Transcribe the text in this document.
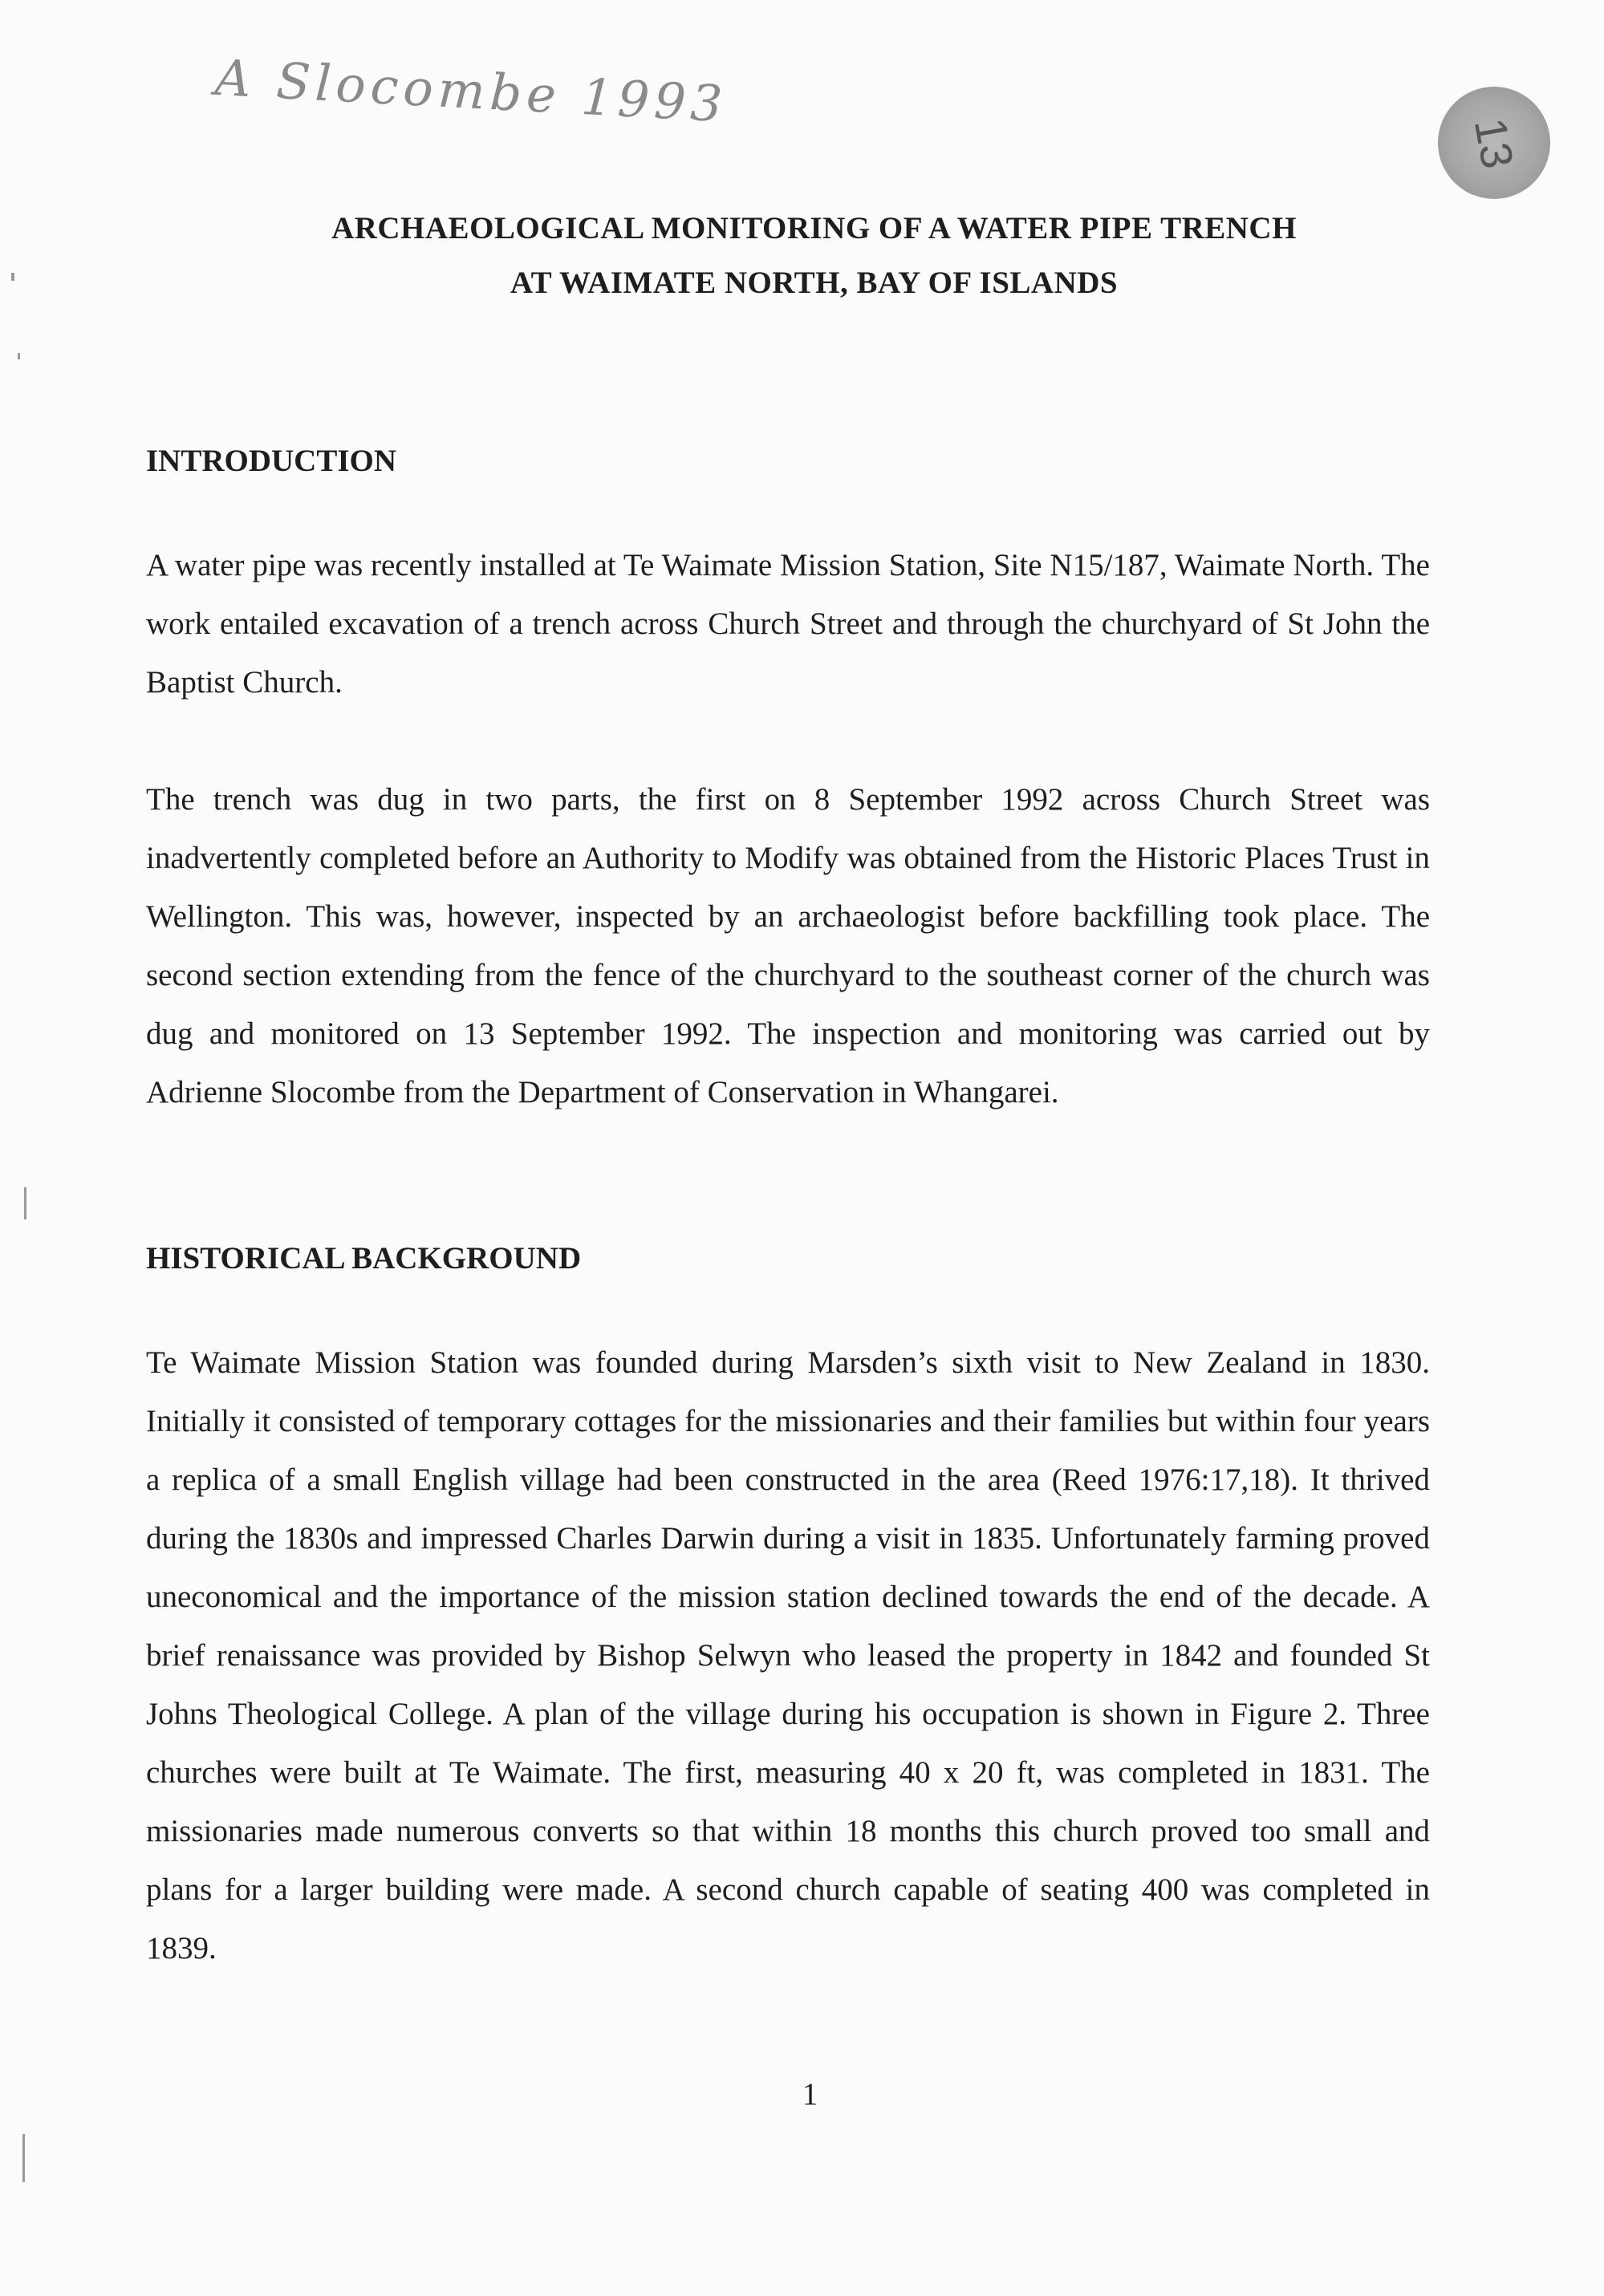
A Slocombe 1993
13
ARCHAEOLOGICAL MONITORING OF A WATER PIPE TRENCH
AT WAIMATE NORTH, BAY OF ISLANDS
INTRODUCTION

A water pipe was recently installed at Te Waimate Mission Station, Site N15/187, Waimate North. The work entailed excavation of a trench across Church Street and through the churchyard of St John the Baptist Church.

The trench was dug in two parts, the first on 8 September 1992 across Church Street was inadvertently completed before an Authority to Modify was obtained from the Historic Places Trust in Wellington. This was, however, inspected by an archaeologist before backfilling took place. The second section extending from the fence of the churchyard to the southeast corner of the church was dug and monitored on 13 September 1992. The inspection and monitoring was carried out by Adrienne Slocombe from the Department of Conservation in Whangarei.

HISTORICAL BACKGROUND

Te Waimate Mission Station was founded during Marsden’s sixth visit to New Zealand in 1830. Initially it consisted of temporary cottages for the missionaries and their families but within four years a replica of a small English village had been constructed in the area (Reed 1976:17,18). It thrived during the 1830s and impressed Charles Darwin during a visit in 1835. Unfortunately farming proved uneconomical and the importance of the mission station declined towards the end of the decade. A brief renaissance was provided by Bishop Selwyn who leased the property in 1842 and founded St Johns Theological College. A plan of the village during his occupation is shown in Figure 2. Three churches were built at Te Waimate. The first, measuring 40 x 20 ft, was completed in 1831. The missionaries made numerous converts so that within 18 months this church proved too small and plans for a larger building were made. A second church capable of seating 400 was completed in 1839.

1
